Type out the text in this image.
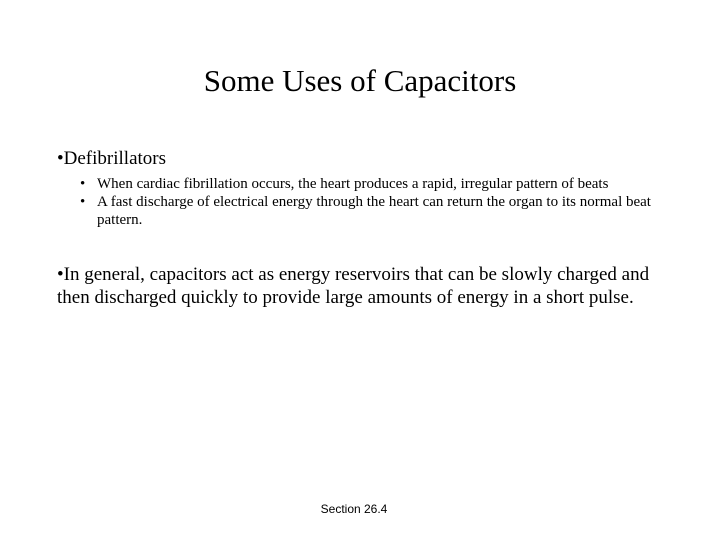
Some Uses of Capacitors
•Defibrillators
• When cardiac fibrillation occurs, the heart produces a rapid, irregular pattern of beats
• A fast discharge of electrical energy through the heart can return the organ to its normal beat pattern.
•In general, capacitors act as energy reservoirs that can be slowly charged and then discharged quickly to provide large amounts of energy in a short pulse.
Section 26.4
